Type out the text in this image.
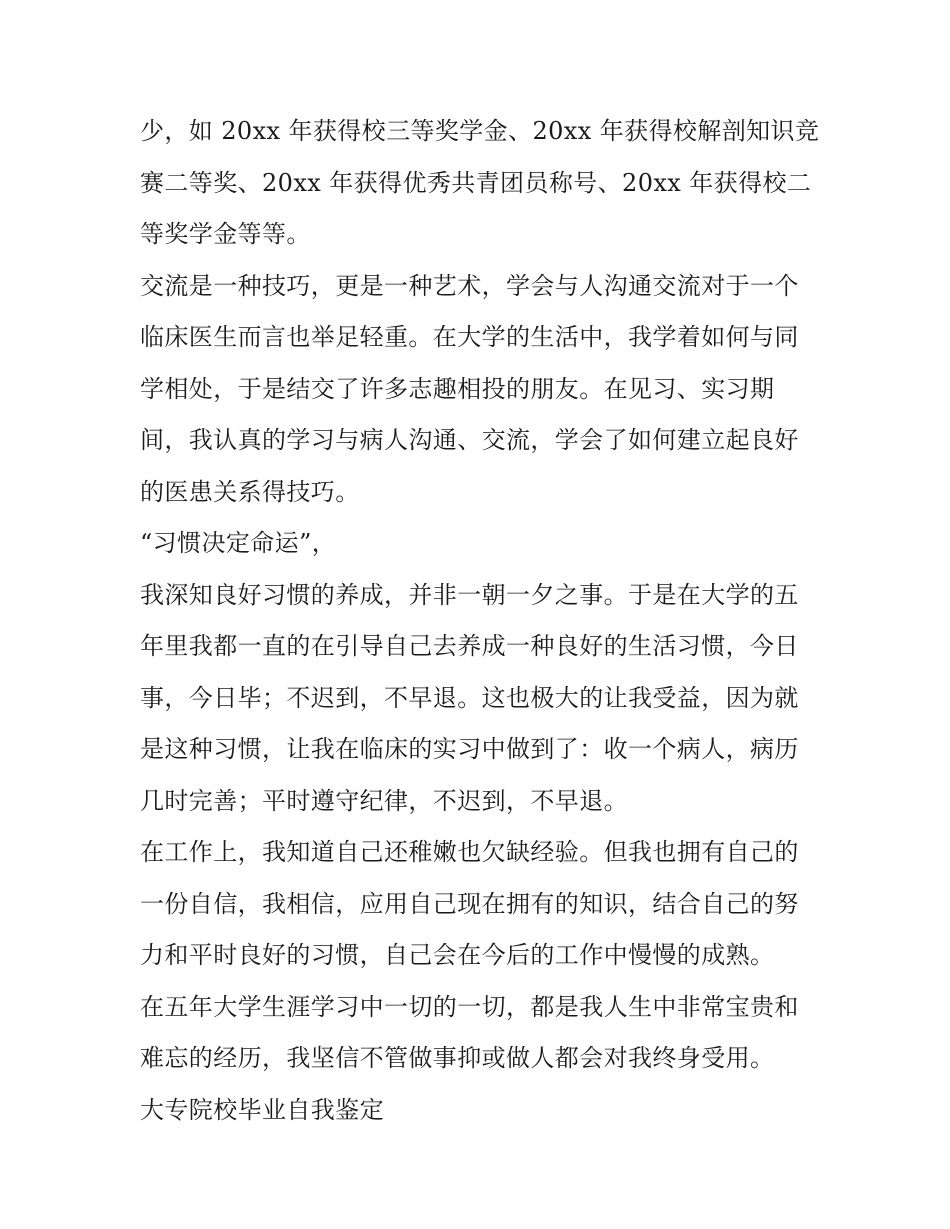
少，如 20xx 年获得校三等奖学金、20xx 年获得校解剖知识竞
赛二等奖、20xx 年获得优秀共青团员称号、20xx 年获得校二
等奖学金等等。
交流是一种技巧，更是一种艺术，学会与人沟通交流对于一个
临床医生而言也举足轻重。在大学的生活中，我学着如何与同
学相处，于是结交了许多志趣相投的朋友。在见习、实习期
间，我认真的学习与病人沟通、交流，学会了如何建立起良好
的医患关系得技巧。
“习惯决定命运”，
我深知良好习惯的养成，并非一朝一夕之事。于是在大学的五
年里我都一直的在引导自己去养成一种良好的生活习惯，今日
事，今日毕；不迟到，不早退。这也极大的让我受益，因为就
是这种习惯，让我在临床的实习中做到了：收一个病人，病历
几时完善；平时遵守纪律，不迟到，不早退。
在工作上，我知道自己还稚嫩也欠缺经验。但我也拥有自己的
一份自信，我相信，应用自己现在拥有的知识，结合自己的努
力和平时良好的习惯，自己会在今后的工作中慢慢的成熟。
在五年大学生涯学习中一切的一切，都是我人生中非常宝贵和
难忘的经历，我坚信不管做事抑或做人都会对我终身受用。
大专院校毕业自我鉴定
